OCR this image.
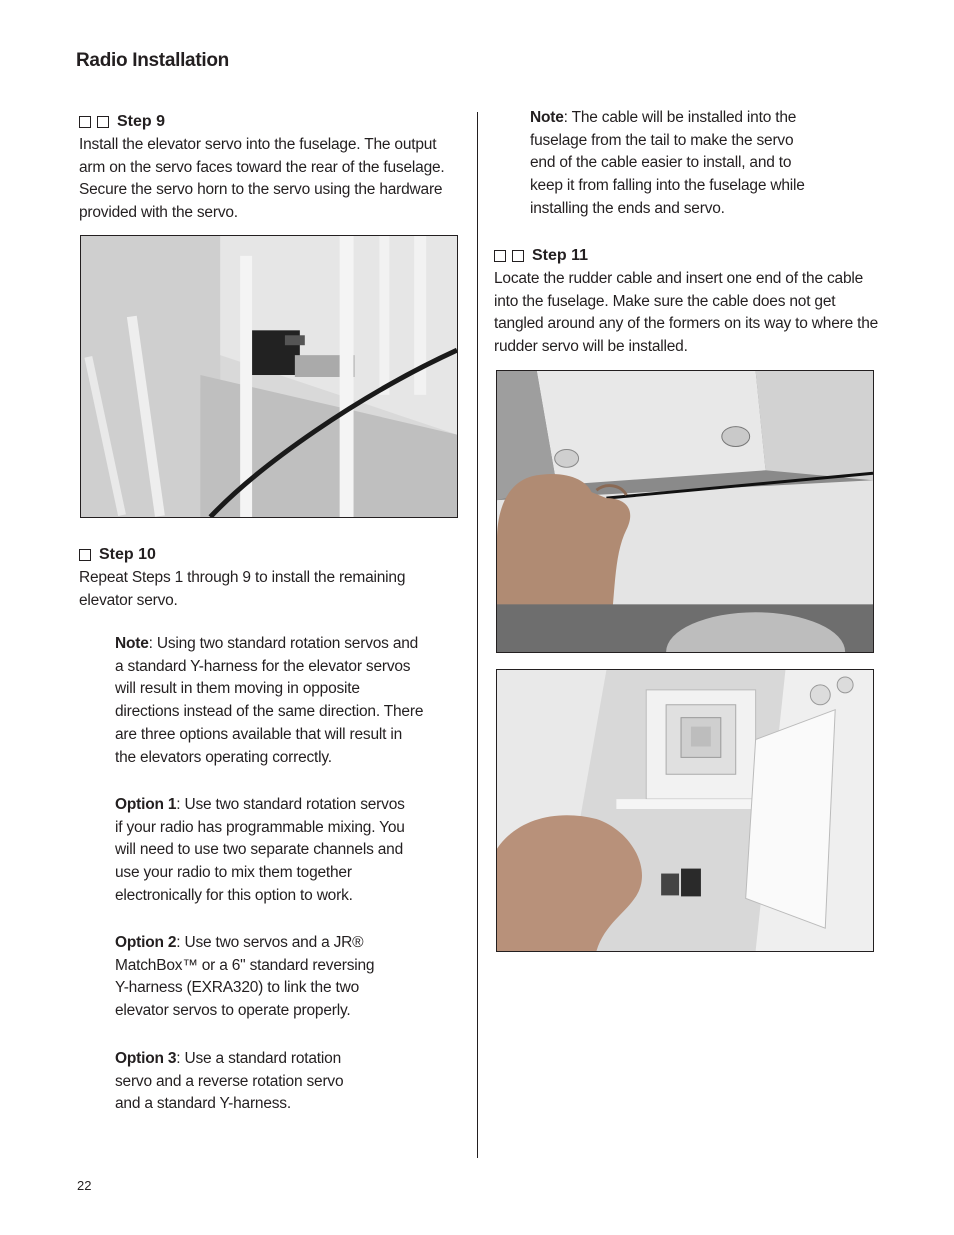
Radio Installation
Step 9

Install the elevator servo into the fuselage. The output arm on the servo faces toward the rear of the fuselage. Secure the servo horn to the servo using the hardware provided with the servo.

Step 10

Repeat Steps 1 through 9 to install the remaining elevator servo.

Note: Using two standard rotation servos and a standard Y-harness for the elevator servos will result in them moving in opposite directions instead of the same direction. There are three options available that will result in the elevators operating correctly.

Option 1: Use two standard rotation servos if your radio has programmable mixing. You will need to use two separate channels and use your radio to mix them together electronically for this option to work.

Option 2: Use two servos and a JR® MatchBox™ or a 6" standard reversing Y-harness (EXRA320) to link the two elevator servos to operate properly.

Option 3: Use a standard rotation servo and a reverse rotation servo and a standard Y-harness.

Note: The cable will be installed into the fuselage from the tail to make the servo end of the cable easier to install, and to keep it from falling into the fuselage while installing the ends and servo.

Step 11

Locate the rudder cable and insert one end of the cable into the fuselage. Make sure the cable does not get tangled around any of the formers on its way to where the rudder servo will be installed.

22
